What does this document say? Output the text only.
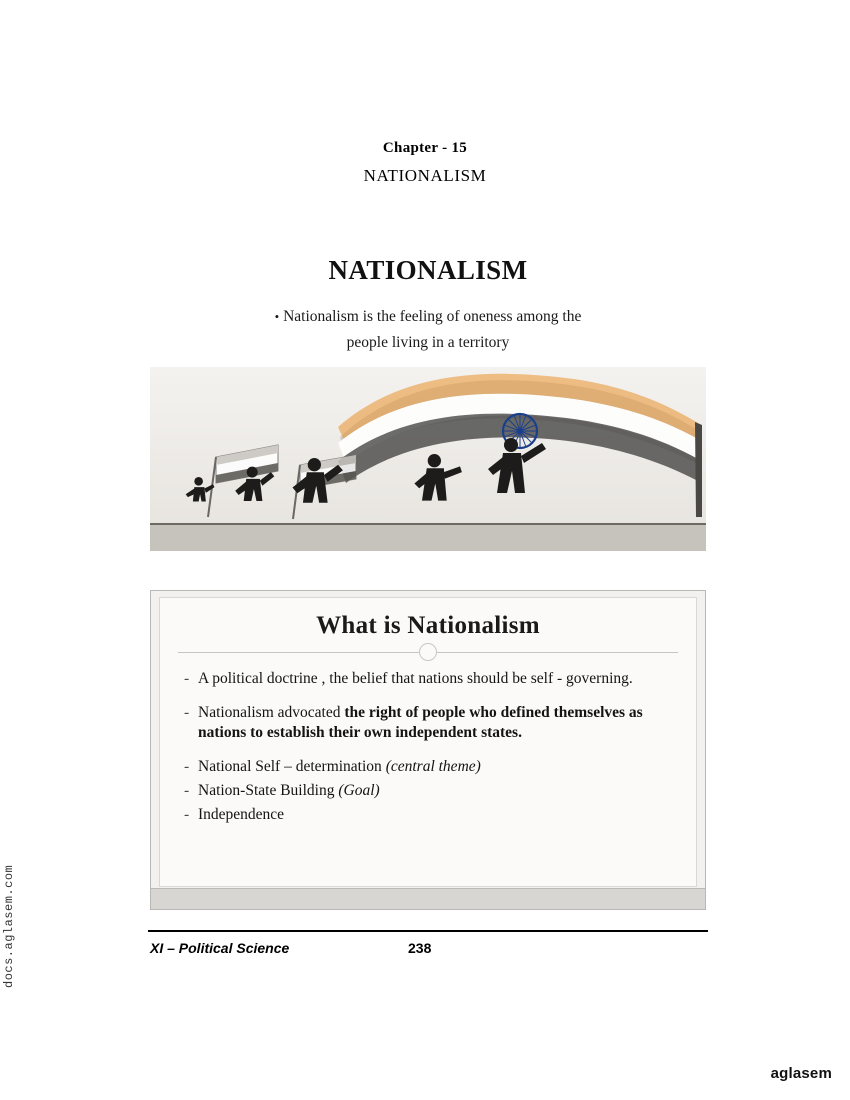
docs.aglasem.com
Chapter - 15
NATIONALISM
NATIONALISM
• Nationalism is the feeling of oneness among the
people living in a territory
What is Nationalism
- A political doctrine , the belief that nations should be self - governing.
- Nationalism advocated the right of people who defined themselves as nations to establish their own independent states.
- National Self – determination (central theme)
- Nation-State Building (Goal)
- Independence
XI – Political Science	238
aglasem
